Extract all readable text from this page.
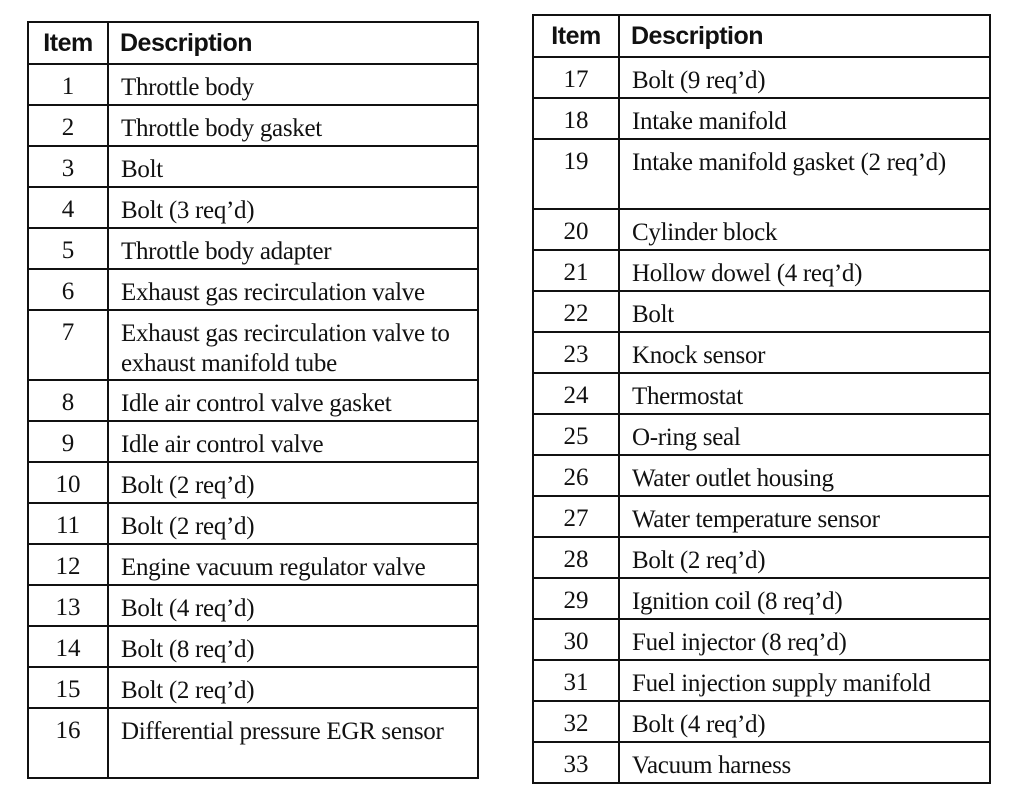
Item	Description
1	Throttle body
2	Throttle body gasket
3	Bolt
4	Bolt (3 req’d)
5	Throttle body adapter
6	Exhaust gas recirculation valve
7	Exhaust gas recirculation valve to exhaust manifold tube
8	Idle air control valve gasket
9	Idle air control valve
10	Bolt (2 req’d)
11	Bolt (2 req’d)
12	Engine vacuum regulator valve
13	Bolt (4 req’d)
14	Bolt (8 req’d)
15	Bolt (2 req’d)
16	Differential pressure EGR sensor
Item	Description
17	Bolt (9 req’d)
18	Intake manifold
19	Intake manifold gasket (2 req’d)
20	Cylinder block
21	Hollow dowel (4 req’d)
22	Bolt
23	Knock sensor
24	Thermostat
25	O-ring seal
26	Water outlet housing
27	Water temperature sensor
28	Bolt (2 req’d)
29	Ignition coil (8 req’d)
30	Fuel injector (8 req’d)
31	Fuel injection supply manifold
32	Bolt (4 req’d)
33	Vacuum harness
